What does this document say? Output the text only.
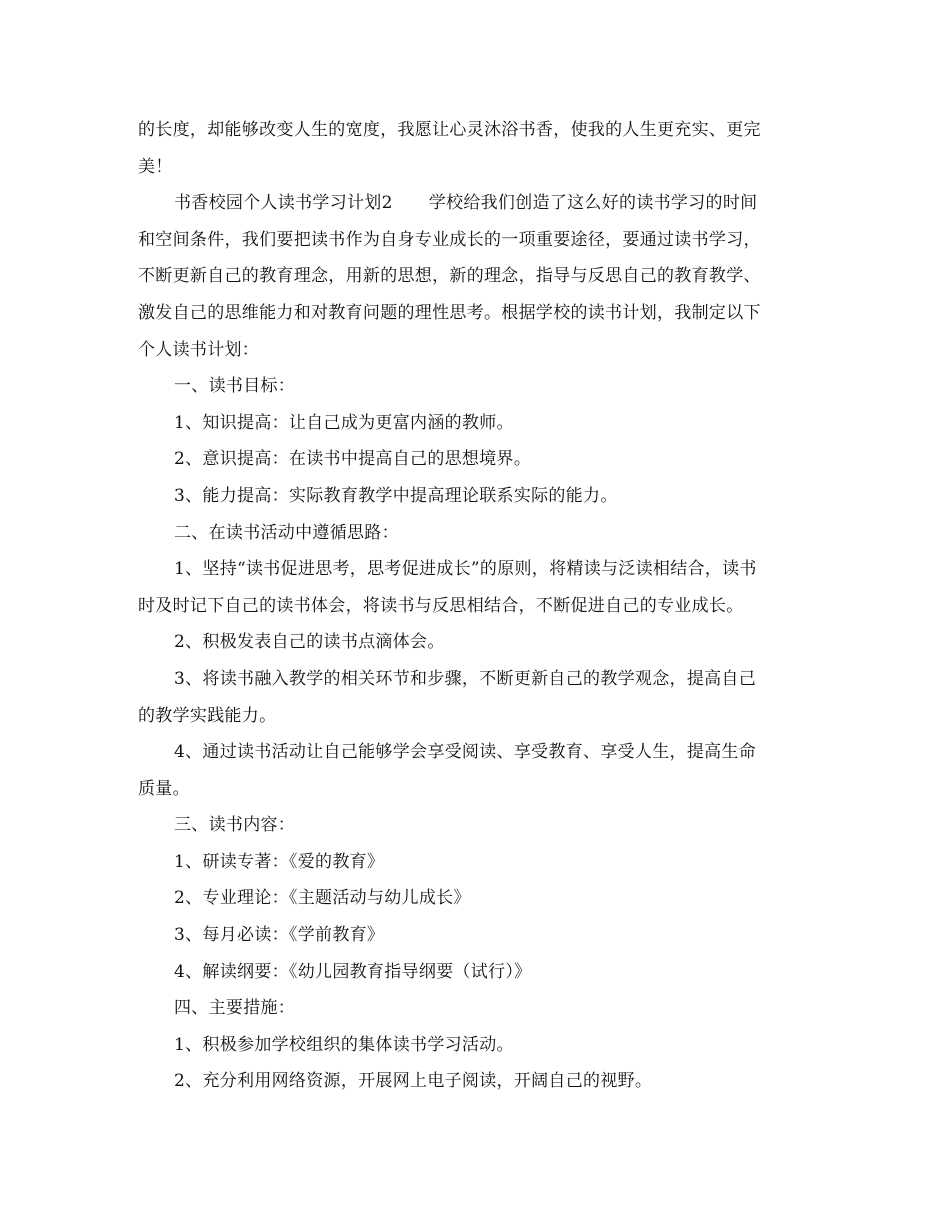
的长度，却能够改变人生的宽度，我愿让心灵沐浴书香，使我的人生更充实、更完
美！
书香校园个人读书学习计划2 学校给我们创造了这么好的读书学习的时间
和空间条件，我们要把读书作为自身专业成长的一项重要途径，要通过读书学习，
不断更新自己的教育理念，用新的思想，新的理念，指导与反思自己的教育教学、
激发自己的思维能力和对教育问题的理性思考。根据学校的读书计划，我制定以下
个人读书计划：
一、读书目标：
1、知识提高：让自己成为更富内涵的教师。
2、意识提高：在读书中提高自己的思想境界。
3、能力提高：实际教育教学中提高理论联系实际的能力。
二、在读书活动中遵循思路：
1、坚持“读书促进思考，思考促进成长”的原则，将精读与泛读相结合，读书
时及时记下自己的读书体会，将读书与反思相结合，不断促进自己的专业成长。
2、积极发表自己的读书点滴体会。
3、将读书融入教学的相关环节和步骤，不断更新自己的教学观念，提高自己
的教学实践能力。
4、通过读书活动让自己能够学会享受阅读、享受教育、享受人生，提高生命
质量。
三、读书内容：
1、研读专著：《爱的教育》
2、专业理论：《主题活动与幼儿成长》
3、每月必读：《学前教育》
4、解读纲要：《幼儿园教育指导纲要（试行）》
四、主要措施：
1、积极参加学校组织的集体读书学习活动。
2、充分利用网络资源，开展网上电子阅读，开阔自己的视野。
